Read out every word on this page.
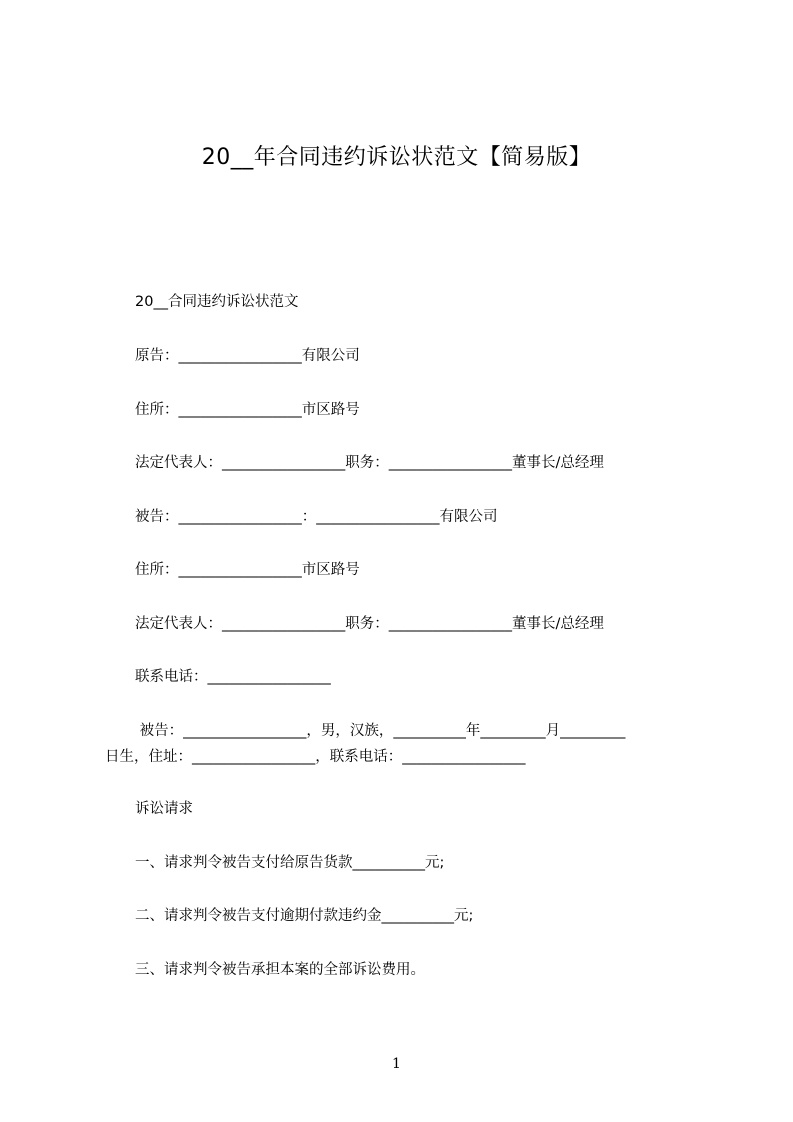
20__年合同违约诉讼状范文【简易版】
20__合同违约诉讼状范文
原告：_________________有限公司
住所：_________________市区路号
法定代表人：_________________职务：_________________董事长/总经理
被告：_________________：_________________有限公司
住所：_________________市区路号
法定代表人：_________________职务：_________________董事长/总经理
联系电话：_________________
被告：_________________，男，汉族，__________年_________月_________
日生，住址：_________________，联系电话：_________________
诉讼请求
一、请求判令被告支付给原告货款__________元;
二、请求判令被告支付逾期付款违约金__________元;
三、请求判令被告承担本案的全部诉讼费用。
1
